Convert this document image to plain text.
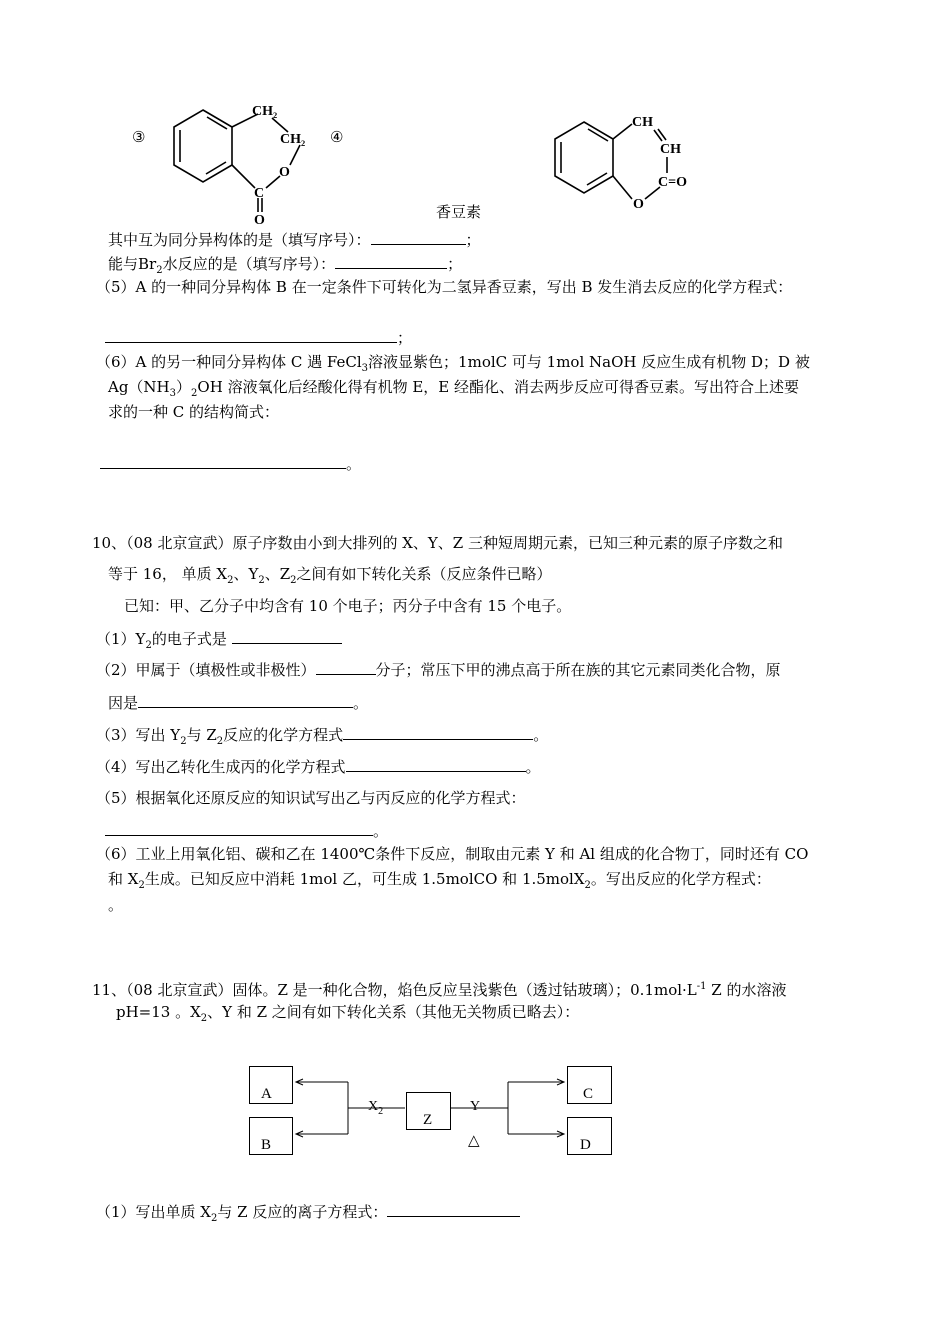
③
CH₂
CH₂
O
C
O
④
CH
CH
C=O
O
香豆素
其中互为同分异构体的是（填写序号）：	；
能与$Br_2$水反应的是（填写序号）：	；
（5）A 的一种同分异构体 B 在一定条件下可转化为二氢异香豆素，写出 B 发生消去反应的化学方程式：
；
（6）A 的另一种同分异构体 C 遇 FeCl$_3$溶液显紫色；1molC 可与 1mol NaOH 反应生成有机物 D；D 被
$Ag(NH_3)_2OH$ 溶液氧化后经酸化得有机物 E，E 经酯化、消去两步反应可得香豆素。写出符合上述要
求的一种 C 的结构简式：
。
10、（08 北京宣武）原子序数由小到大排列的 X、Y、Z 三种短周期元素，已知三种元素的原子序数之和
等于 16， 单质 $X_2$、$Y_2$、$Z_2$之间有如下转化关系（反应条件已略）
已知：甲、乙分子中均含有 10 个电子；丙分子中含有 15 个电子。
$(1)Y_2$的电子式是
（2）甲属于（填极性或非极性）	分子；常压下甲的沸点高于所在族的其它元素同类化合物，原
因是	。
（3）写出 $Y_2$与 $Z_2$反应的化学方程式	。
（4）写出乙转化生成丙的化学方程式	。
（5）根据氧化还原反应的知识试写出乙与丙反应的化学方程式：
。
（6）工业上用氧化铝、碳和乙在 1400℃条件下反应，制取由元素 Y 和 Al 组成的化合物丁，同时还有 CO
和 $X_2$生成。已知反应中消耗 1mol 乙，可生成 1.5molCO 和 1.5molX$_2$。写出反应的化学方程式：
。
11、（08 北京宣武）固体。Z 是一种化合物，焰色反应呈浅紫色（透过钴玻璃）；$0.1mol\cdot L^{-1}$ Z 的水溶液
pH=13 。$X_2$、Y 和 Z 之间有如下转化关系（其他无关物质已略去）：
A
B
Z
C
D
$X_2$	Y
△
（1）写出单质 $X_2$与 Z 反应的离子方程式：
